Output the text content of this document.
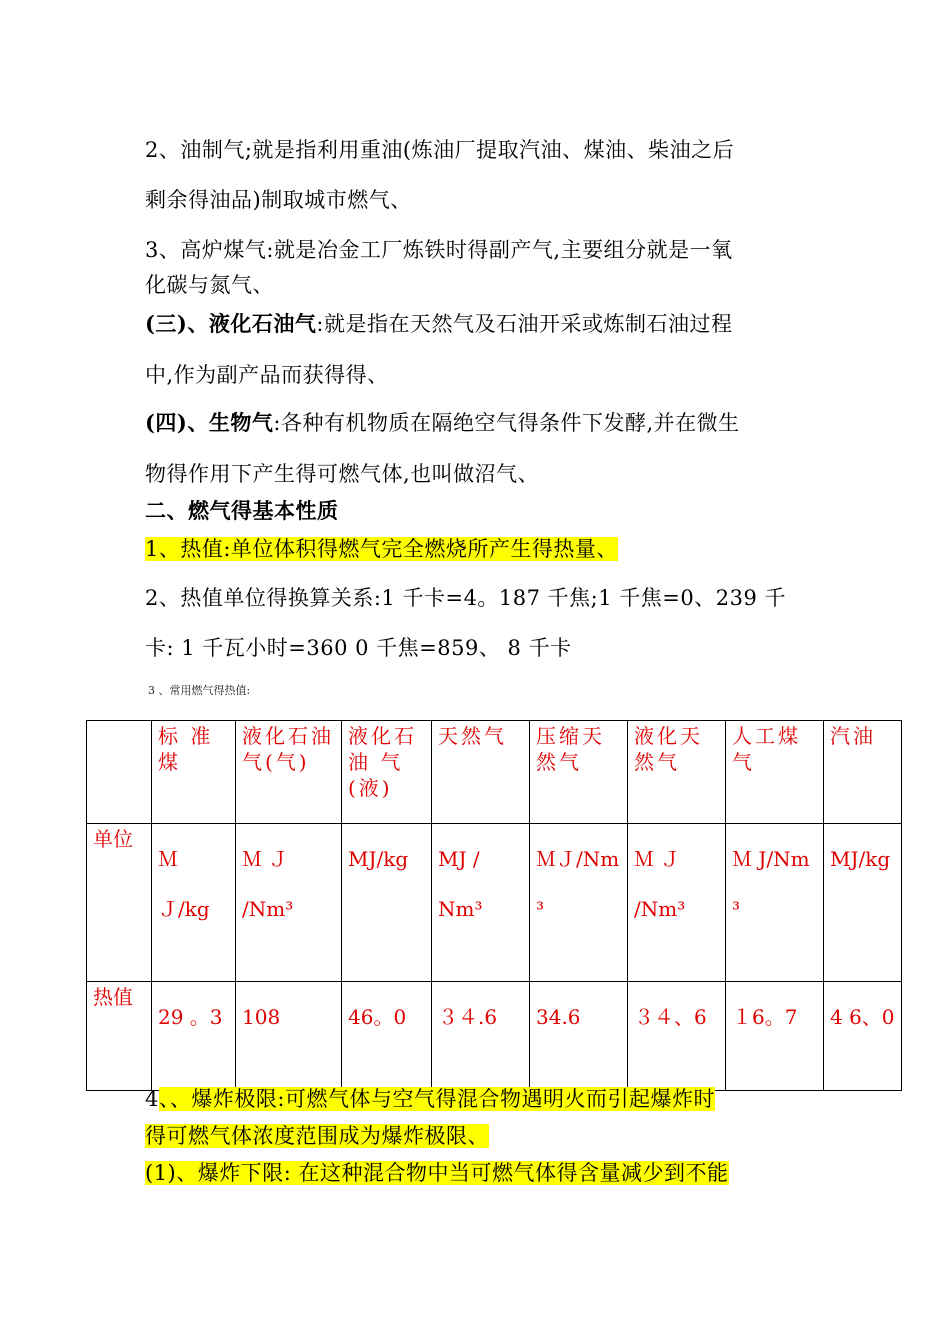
2、油制气;就是指利用重油(炼油厂提取汽油、煤油、柴油之后
剩余得油品)制取城市燃气、
3、高炉煤气:就是冶金工厂炼铁时得副产气,主要组分就是一氧
化碳与氮气、
(三)、液化石油气:就是指在天然气及石油开采或炼制石油过程
中,作为副产品而获得得、
(四)、生物气:各种有机物质在隔绝空气得条件下发酵,并在微生
物得作用下产生得可燃气体,也叫做沼气、
二、燃气得基本性质
1、热值:单位体积得燃气完全燃烧所产生得热量、
2、热值单位得换算关系:1 千卡=4。187 千焦;1 千焦=0、239 千
卡: 1 千瓦小时=360 0 千焦=859、 8 千卡
3 、常用燃气得热值:
	标 准煤	液化石油气(气)	液化石油 气(液)	天然气	压缩天然气	液化天然气	人工煤气	汽油
单位	ＭＪ/kg	Ｍ Ｊ /Nm³	MJ/kg	MJ / Nm³	ＭＪ/Nm ³	Ｍ Ｊ /Nm³	Ｍ J/Nm ³	MJ/kg
热值	29 。3	108	46。0	３４.6	34.6	３４、6	１6。7	4 6、0
4、、爆炸极限:可燃气体与空气得混合物遇明火而引起爆炸时
得可燃气体浓度范围成为爆炸极限、
(1)、爆炸下限: 在这种混合物中当可燃气体得含量减少到不能
